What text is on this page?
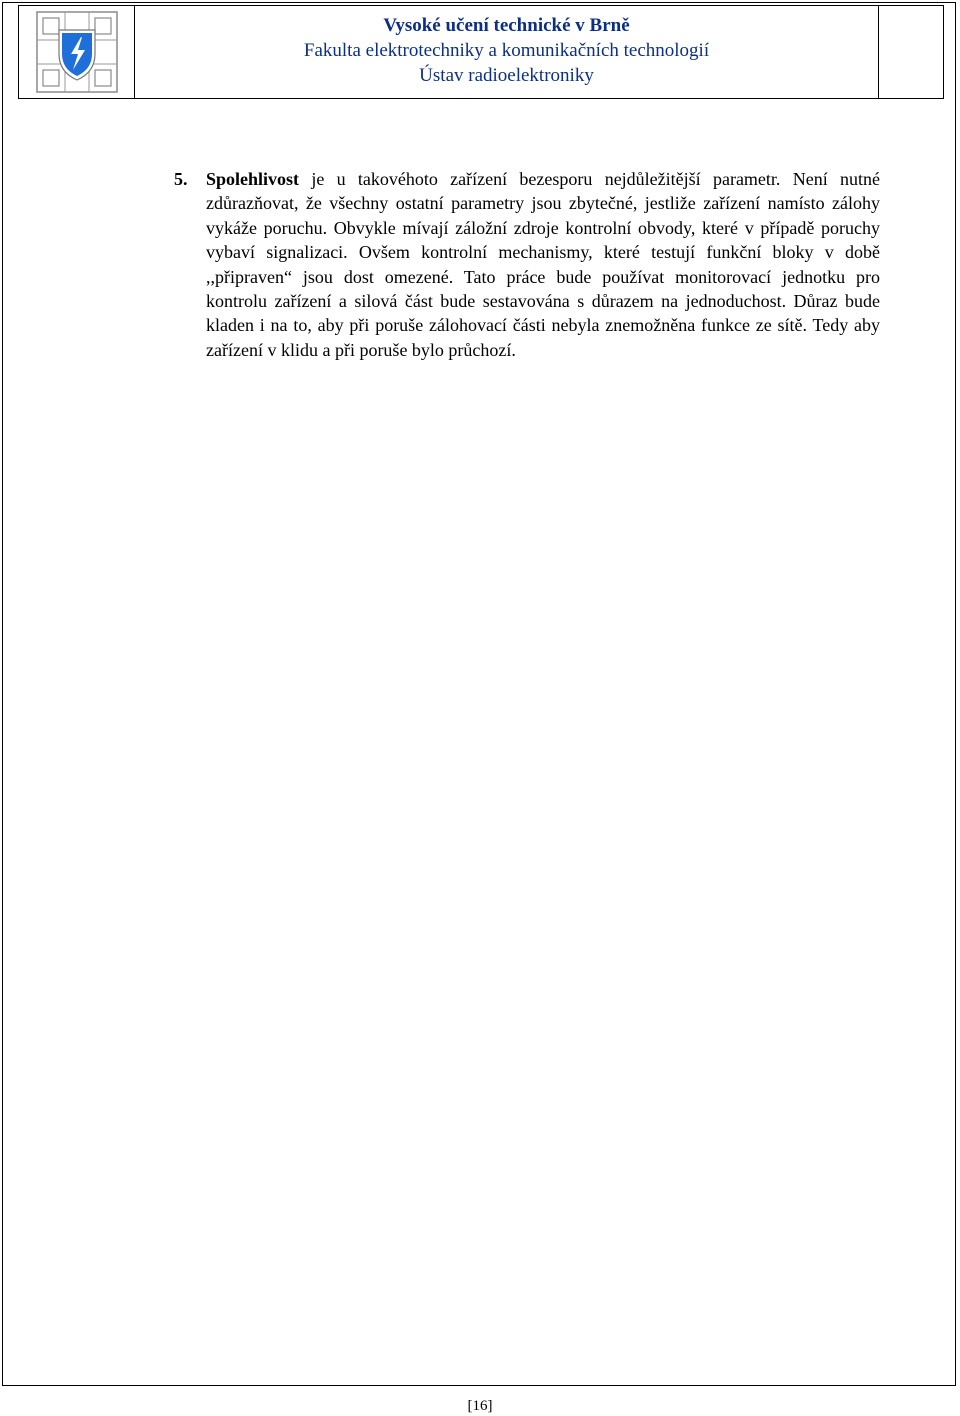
Vysoké učení technické v Brně
Fakulta elektrotechniky a komunikačních technologií
Ústav radioelektroniky
5.	Spolehlivost je u takovéhoto zařízení bezesporu nejdůležitější parametr. Není nutné zdůrazňovat, že všechny ostatní parametry jsou zbytečné, jestliže zařízení namísto zálohy vykáže poruchu. Obvykle mívají záložní zdroje kontrolní obvody, které v případě poruchy vybaví signalizaci. Ovšem kontrolní mechanismy, které testují funkční bloky v době ,,připraven“ jsou dost omezené. Tato práce bude používat monitorovací jednotku pro kontrolu zařízení a silová část bude sestavována s důrazem na jednoduchost. Důraz bude kladen i na to, aby při poruše zálohovací části nebyla znemožněna funkce ze sítě. Tedy aby zařízení v klidu a při poruše bylo průchozí.
[16]
